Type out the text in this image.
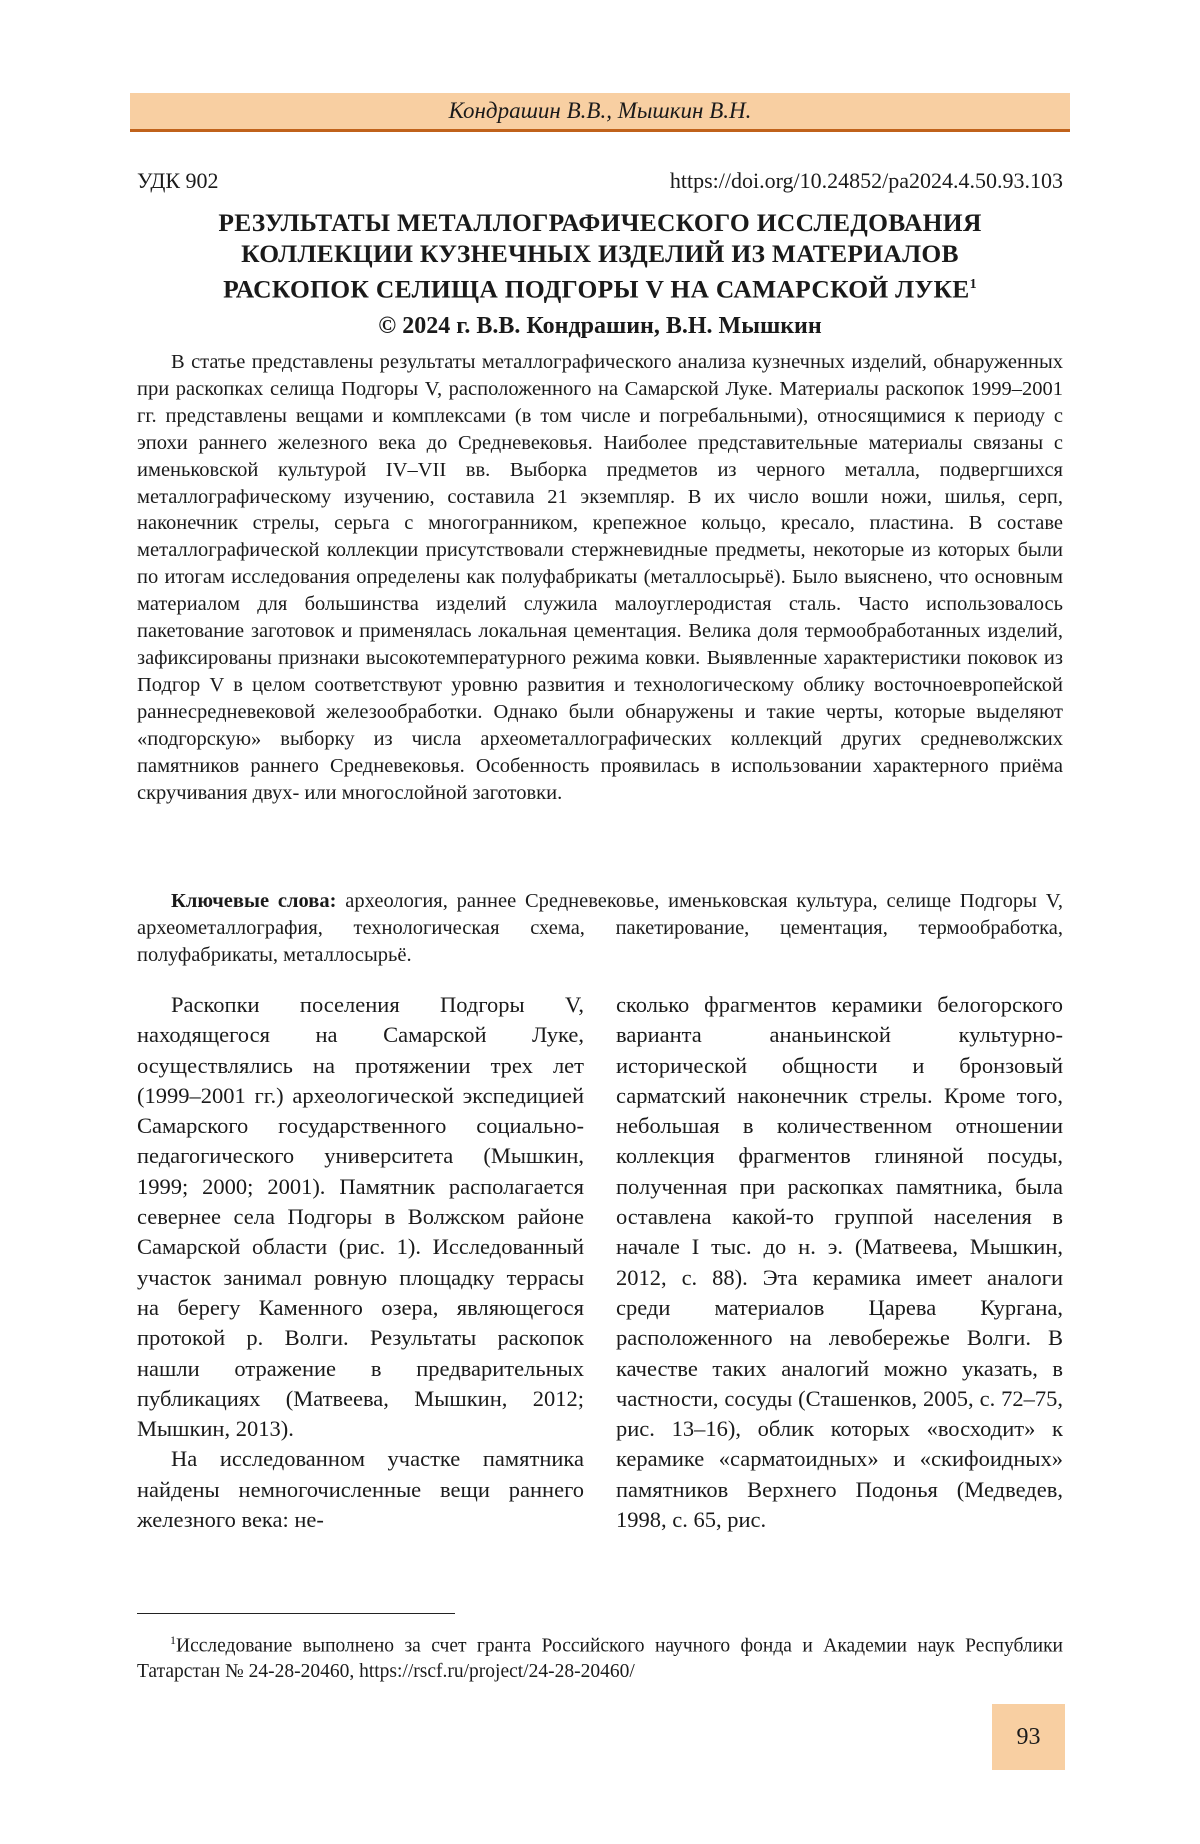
Кондрашин В.В., Мышкин В.Н.
УДК 902	https://doi.org/10.24852/pa2024.4.50.93.103
РЕЗУЛЬТАТЫ МЕТАЛЛОГРАФИЧЕСКОГО ИССЛЕДОВАНИЯ
КОЛЛЕКЦИИ КУЗНЕЧНЫХ ИЗДЕЛИЙ ИЗ МАТЕРИАЛОВ
РАСКОПОК СЕЛИЩА ПОДГОРЫ V НА САМАРСКОЙ ЛУКЕ1
© 2024 г. В.В. Кондрашин, В.Н. Мышкин

В статье представлены результаты металлографического анализа кузнечных изделий, обнаруженных при раскопках селища Подгоры V, расположенного на Самарской Луке. Материалы раскопок 1999–2001 гг. представлены вещами и комплексами (в том числе и погребальными), относящимися к периоду с эпохи раннего железного века до Средневековья. Наиболее представительные материалы связаны с именьковской культурой IV–VII вв. Выборка предметов из черного металла, подвергшихся металлографическому изучению, составила 21 экземпляр. В их число вошли ножи, шилья, серп, наконечник стрелы, серьга с многогранником, крепежное кольцо, кресало, пластина. В составе металлографической коллекции присутствовали стержневидные предметы, некоторые из которых были по итогам исследования определены как полуфабрикаты (металлосырьё). Было выяснено, что основным материалом для большинства изделий служила малоуглеродистая сталь. Часто использовалось пакетование заготовок и применялась локальная цементация. Велика доля термообработанных изделий, зафиксированы признаки высокотемпературного режима ковки. Выявленные характеристики поковок из Подгор V в целом соответствуют уровню развития и технологическому облику восточноевропейской раннесредневековой железообработки. Однако были обнаружены и такие черты, которые выделяют «подгорскую» выборку из числа археометаллографических коллекций других средневолжских памятников раннего Средневековья. Особенность проявилась в использовании характерного приёма скручивания двух- или многослойной заготовки.

Ключевые слова: археология, раннее Средневековье, именьковская культура, селище Подгоры V, археометаллография, технологическая схема, пакетирование, цементация, термообработка, полуфабрикаты, металлосырьё.

Раскопки поселения Подгоры V, находящегося на Самарской Луке, осуществлялись на протяжении трех лет (1999–2001 гг.) археологической экспедицией Самарского государственного социально-педагогического университета (Мышкин, 1999; 2000; 2001). Памятник располагается севернее села Подгоры в Волжском районе Самарской области (рис. 1). Исследованный участок занимал ровную площадку террасы на берегу Каменного озера, являющегося протокой р. Волги. Результаты раскопок нашли отражение в предварительных публикациях (Матвеева, Мышкин, 2012; Мышкин, 2013).

На исследованном участке памятника найдены немногочисленные вещи раннего железного века: не-

сколько фрагментов керамики белогорского варианта ананьинской культурно-исторической общности и бронзовый сарматский наконечник стрелы. Кроме того, небольшая в количественном отношении коллекция фрагментов глиняной посуды, полученная при раскопках памятника, была оставлена какой-то группой населения в начале I тыс. до н. э. (Матвеева, Мышкин, 2012, с. 88). Эта керамика имеет аналоги среди материалов Царева Кургана, расположенного на левобережье Волги. В качестве таких аналогий можно указать, в частности, сосуды (Сташенков, 2005, с. 72–75, рис. 13–16), облик которых «восходит» к керамике «сарматоидных» и «скифоидных» памятников Верхнего Подонья (Медведев, 1998, с. 65, рис.

1Исследование выполнено за счет гранта Российского научного фонда и Академии наук Республики Татарстан № 24-28-20460, https://rscf.ru/project/24-28-20460/
93
